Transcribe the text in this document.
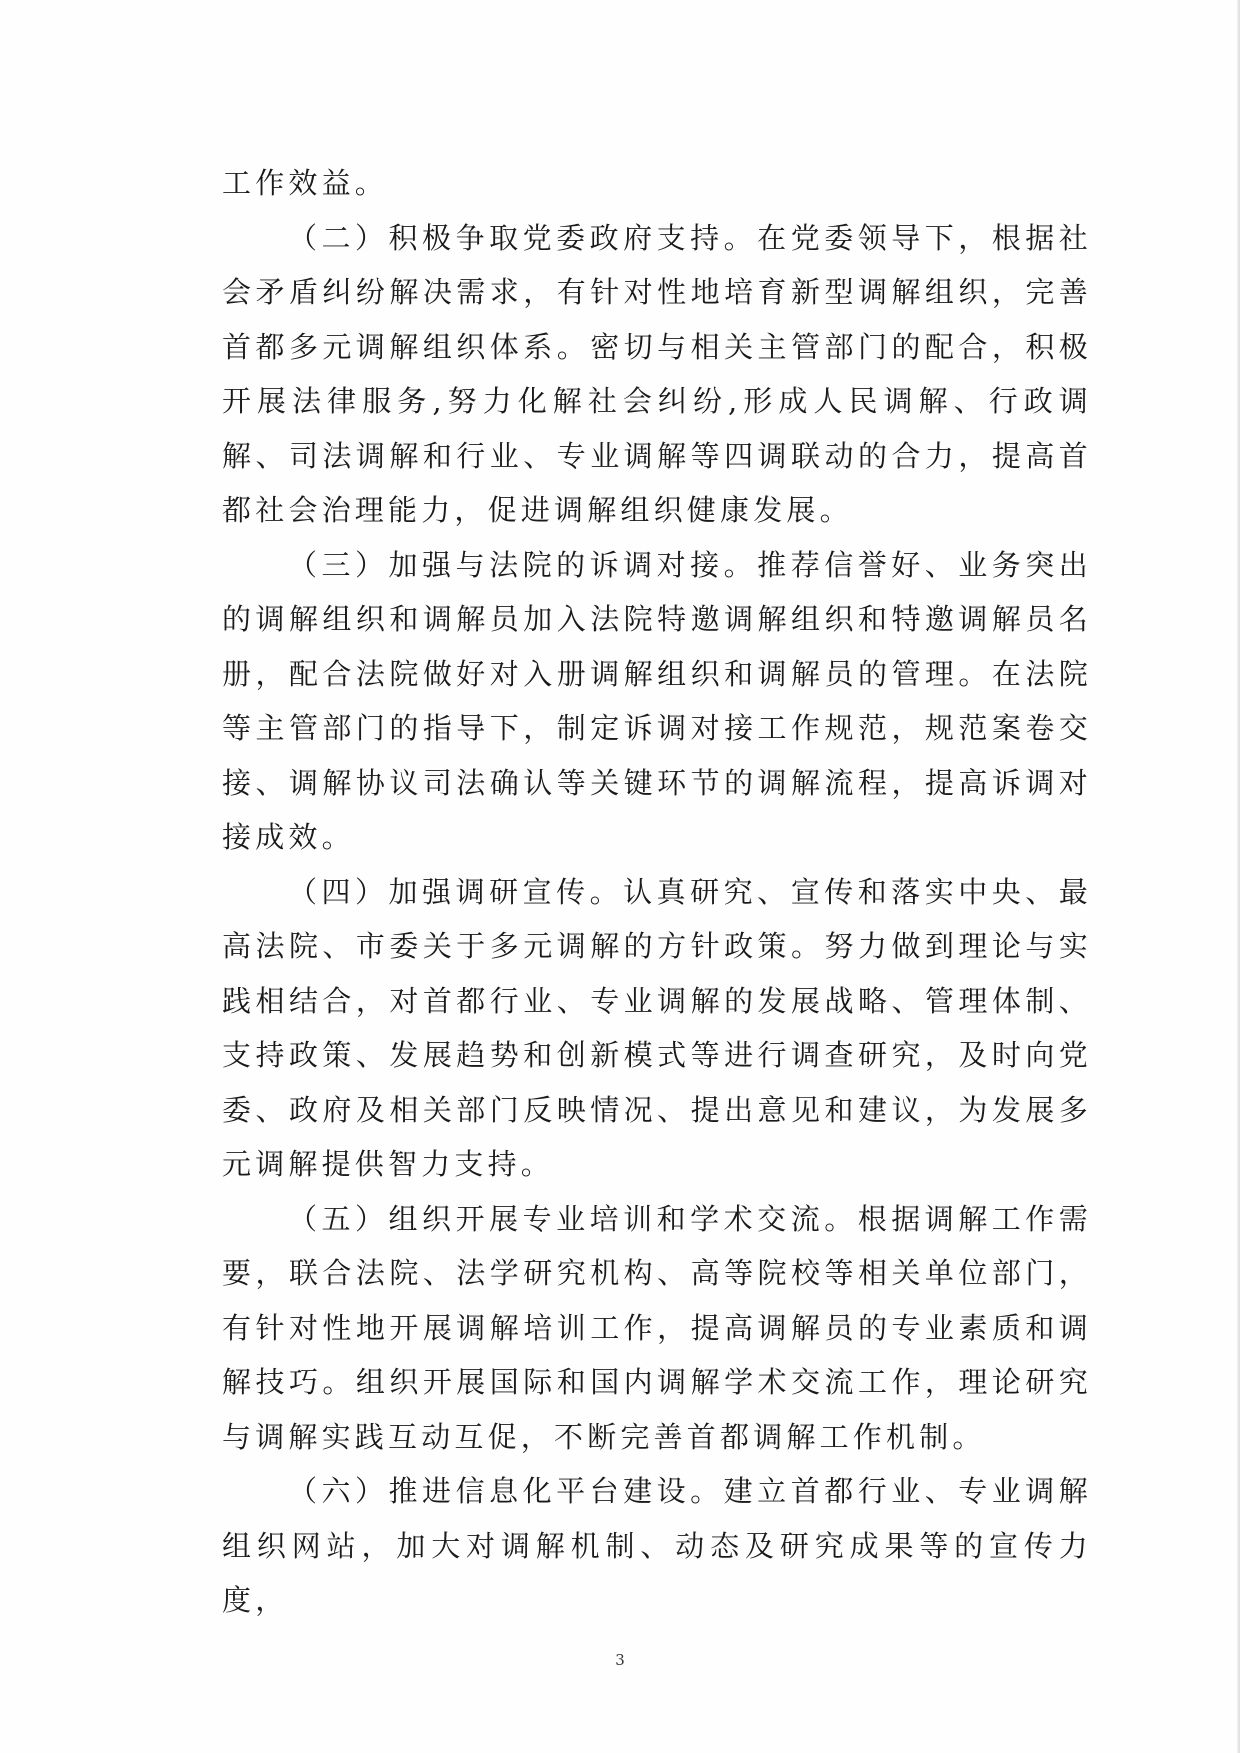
工作效益。

（二）积极争取党委政府支持。在党委领导下，根据社会矛盾纠纷解决需求，有针对性地培育新型调解组织，完善首都多元调解组织体系。密切与相关主管部门的配合，积极开展法律服务,努力化解社会纠纷,形成人民调解、行政调解、司法调解和行业、专业调解等四调联动的合力，提高首都社会治理能力，促进调解组织健康发展。

（三）加强与法院的诉调对接。推荐信誉好、业务突出的调解组织和调解员加入法院特邀调解组织和特邀调解员名册，配合法院做好对入册调解组织和调解员的管理。在法院等主管部门的指导下，制定诉调对接工作规范，规范案卷交接、调解协议司法确认等关键环节的调解流程，提高诉调对接成效。

（四）加强调研宣传。认真研究、宣传和落实中央、最高法院、市委关于多元调解的方针政策。努力做到理论与实践相结合，对首都行业、专业调解的发展战略、管理体制、支持政策、发展趋势和创新模式等进行调查研究，及时向党委、政府及相关部门反映情况、提出意见和建议，为发展多元调解提供智力支持。

（五）组织开展专业培训和学术交流。根据调解工作需要，联合法院、法学研究机构、高等院校等相关单位部门，有针对性地开展调解培训工作，提高调解员的专业素质和调解技巧。组织开展国际和国内调解学术交流工作，理论研究与调解实践互动互促，不断完善首都调解工作机制。

（六）推进信息化平台建设。建立首都行业、专业调解组织网站，加大对调解机制、动态及研究成果等的宣传力度，

3
